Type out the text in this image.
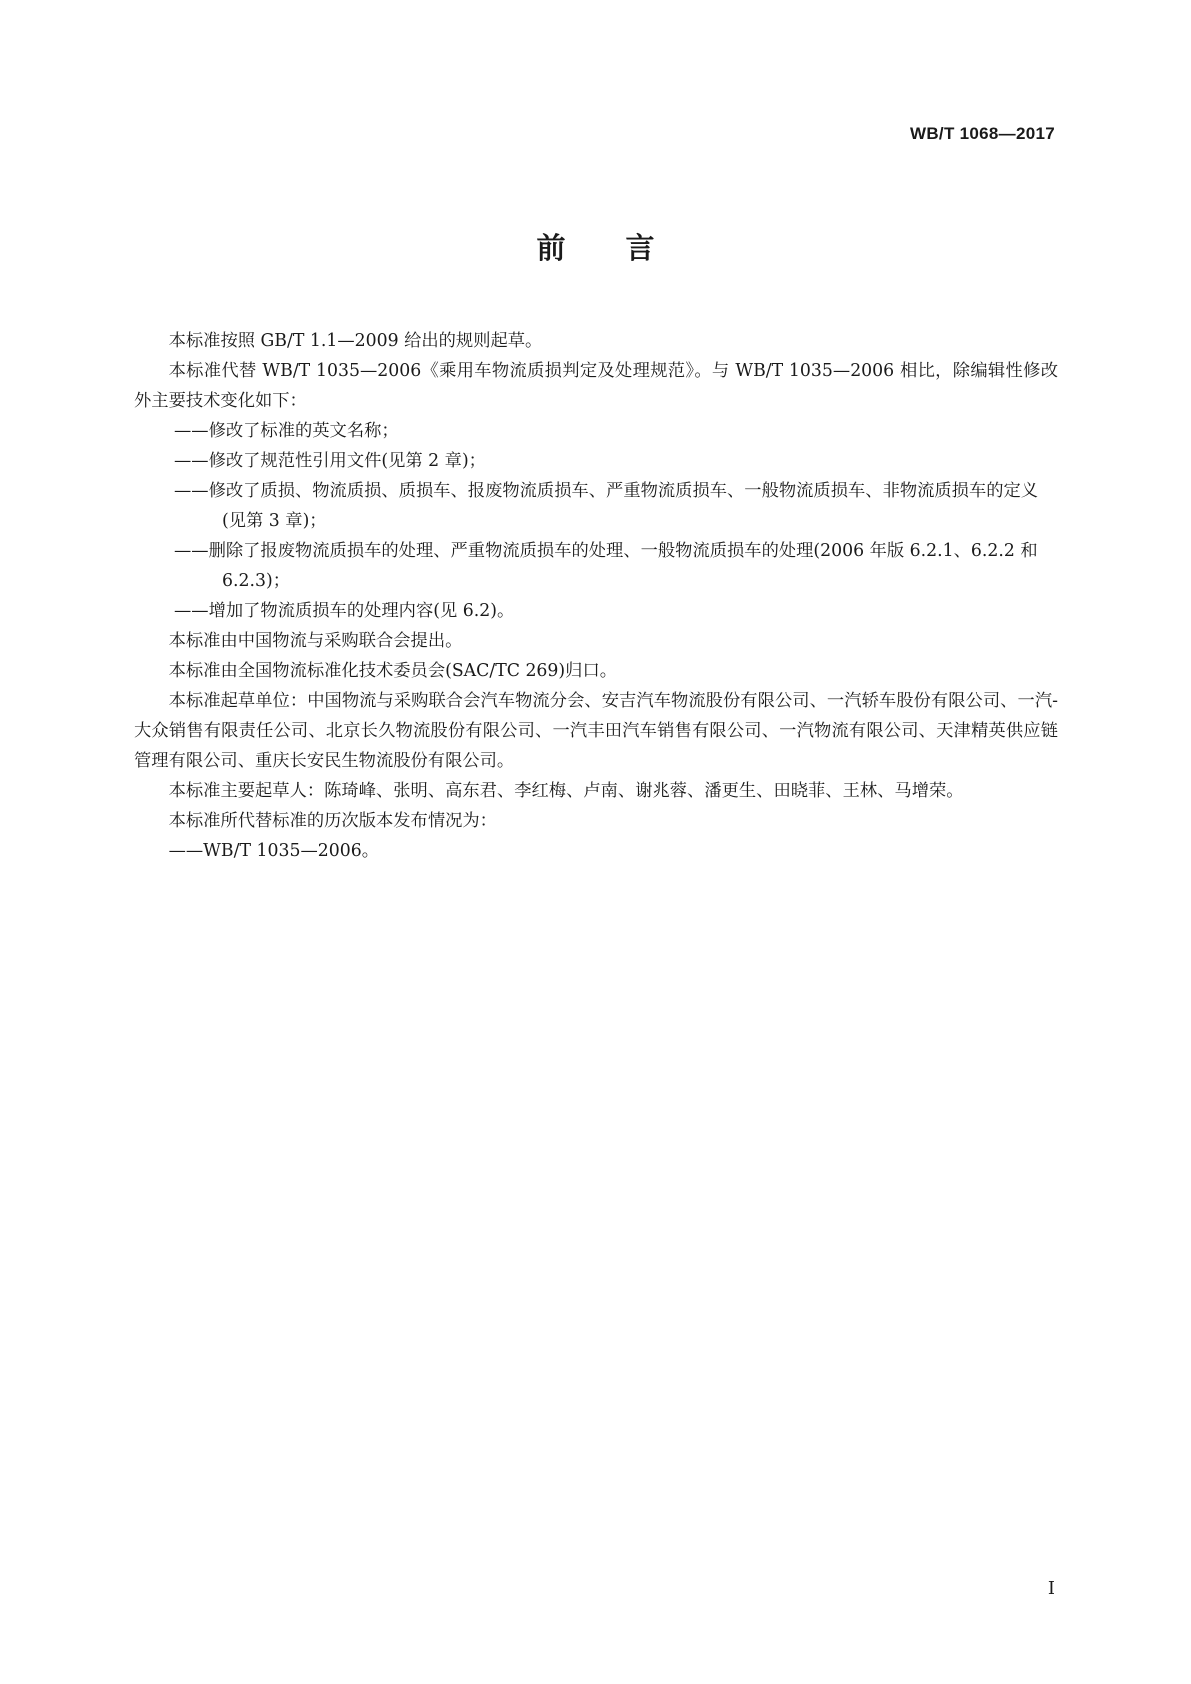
WB/T 1068—2017
前 言

本标准按照 GB/T 1.1—2009 给出的规则起草。

本标准代替 WB/T 1035—2006《乘用车物流质损判定及处理规范》。与 WB/T 1035—2006 相比，除编辑性修改外主要技术变化如下：

——修改了标准的英文名称；

——修改了规范性引用文件(见第 2 章)；

——修改了质损、物流质损、质损车、报废物流质损车、严重物流质损车、一般物流质损车、非物流质损车的定义(见第 3 章)；

——删除了报废物流质损车的处理、严重物流质损车的处理、一般物流质损车的处理(2006 年版 6.2.1、6.2.2 和 6.2.3)；

——增加了物流质损车的处理内容(见 6.2)。

本标准由中国物流与采购联合会提出。

本标准由全国物流标准化技术委员会(SAC/TC 269)归口。

本标准起草单位：中国物流与采购联合会汽车物流分会、安吉汽车物流股份有限公司、一汽轿车股份有限公司、一汽-大众销售有限责任公司、北京长久物流股份有限公司、一汽丰田汽车销售有限公司、一汽物流有限公司、天津精英供应链管理有限公司、重庆长安民生物流股份有限公司。

本标准主要起草人：陈琦峰、张明、高东君、李红梅、卢南、谢兆蓉、潘更生、田晓菲、王林、马增荣。

本标准所代替标准的历次版本发布情况为：

——WB/T 1035—2006。

I
